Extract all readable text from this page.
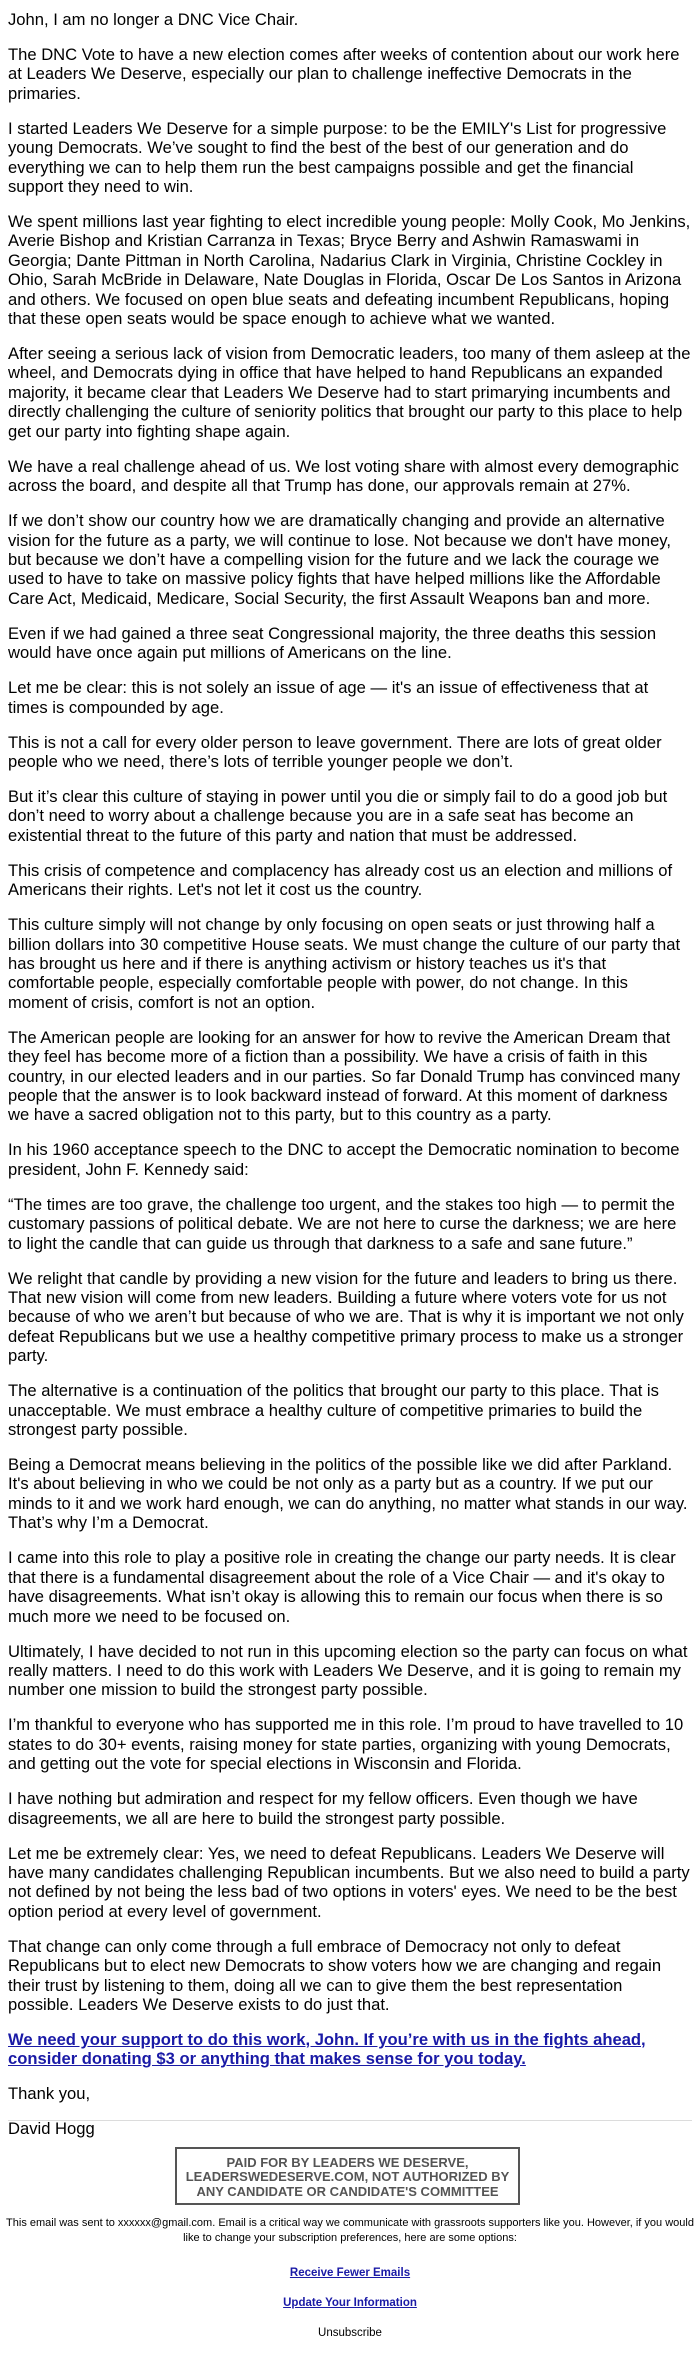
John, I am no longer a DNC Vice Chair.

The DNC Vote to have a new election comes after weeks of contention about our work here at Leaders We Deserve, especially our plan to challenge ineffective Democrats in the primaries.

I started Leaders We Deserve for a simple purpose: to be the EMILY's List for progressive young Democrats. We’ve sought to find the best of the best of our generation and do everything we can to help them run the best campaigns possible and get the financial support they need to win.

We spent millions last year fighting to elect incredible young people: Molly Cook, Mo Jenkins, Averie Bishop and Kristian Carranza in Texas; Bryce Berry and Ashwin Ramaswami in Georgia; Dante Pittman in North Carolina, Nadarius Clark in Virginia, Christine Cockley in Ohio, Sarah McBride in Delaware, Nate Douglas in Florida, Oscar De Los Santos in Arizona and others. We focused on open blue seats and defeating incumbent Republicans, hoping that these open seats would be space enough to achieve what we wanted.

After seeing a serious lack of vision from Democratic leaders, too many of them asleep at the wheel, and Democrats dying in office that have helped to hand Republicans an expanded majority, it became clear that Leaders We Deserve had to start primarying incumbents and directly challenging the culture of seniority politics that brought our party to this place to help get our party into fighting shape again.

We have a real challenge ahead of us. We lost voting share with almost every demographic across the board, and despite all that Trump has done, our approvals remain at 27%.

If we don’t show our country how we are dramatically changing and provide an alternative vision for the future as a party, we will continue to lose. Not because we don't have money, but because we don’t have a compelling vision for the future and we lack the courage we used to have to take on massive policy fights that have helped millions like the Affordable Care Act, Medicaid, Medicare, Social Security, the first Assault Weapons ban and more.

Even if we had gained a three seat Congressional majority, the three deaths this session would have once again put millions of Americans on the line.

Let me be clear: this is not solely an issue of age — it's an issue of effectiveness that at times is compounded by age.

This is not a call for every older person to leave government. There are lots of great older people who we need, there’s lots of terrible younger people we don’t.

But it’s clear this culture of staying in power until you die or simply fail to do a good job but don’t need to worry about a challenge because you are in a safe seat has become an existential threat to the future of this party and nation that must be addressed.

This crisis of competence and complacency has already cost us an election and millions of Americans their rights. Let's not let it cost us the country.

This culture simply will not change by only focusing on open seats or just throwing half a billion dollars into 30 competitive House seats. We must change the culture of our party that has brought us here and if there is anything activism or history teaches us it's that comfortable people, especially comfortable people with power, do not change. In this moment of crisis, comfort is not an option.

The American people are looking for an answer for how to revive the American Dream that they feel has become more of a fiction than a possibility. We have a crisis of faith in this country, in our elected leaders and in our parties. So far Donald Trump has convinced many people that the answer is to look backward instead of forward. At this moment of darkness we have a sacred obligation not to this party, but to this country as a party.

In his 1960 acceptance speech to the DNC to accept the Democratic nomination to become president, John F. Kennedy said:

“The times are too grave, the challenge too urgent, and the stakes too high — to permit the customary passions of political debate. We are not here to curse the darkness; we are here to light the candle that can guide us through that darkness to a safe and sane future.”

We relight that candle by providing a new vision for the future and leaders to bring us there. That new vision will come from new leaders. Building a future where voters vote for us not because of who we aren’t but because of who we are. That is why it is important we not only defeat Republicans but we use a healthy competitive primary process to make us a stronger party.

The alternative is a continuation of the politics that brought our party to this place. That is unacceptable. We must embrace a healthy culture of competitive primaries to build the strongest party possible.

Being a Democrat means believing in the politics of the possible like we did after Parkland. It's about believing in who we could be not only as a party but as a country. If we put our minds to it and we work hard enough, we can do anything, no matter what stands in our way. That’s why I’m a Democrat.

I came into this role to play a positive role in creating the change our party needs. It is clear that there is a fundamental disagreement about the role of a Vice Chair — and it's okay to have disagreements. What isn’t okay is allowing this to remain our focus when there is so much more we need to be focused on.

Ultimately, I have decided to not run in this upcoming election so the party can focus on what really matters. I need to do this work with Leaders We Deserve, and it is going to remain my number one mission to build the strongest party possible.

I’m thankful to everyone who has supported me in this role. I’m proud to have travelled to 10 states to do 30+ events, raising money for state parties, organizing with young Democrats, and getting out the vote for special elections in Wisconsin and Florida.

I have nothing but admiration and respect for my fellow officers. Even though we have disagreements, we all are here to build the strongest party possible.

Let me be extremely clear: Yes, we need to defeat Republicans. Leaders We Deserve will have many candidates challenging Republican incumbents. But we also need to build a party not defined by not being the less bad of two options in voters' eyes. We need to be the best option period at every level of government.

That change can only come through a full embrace of Democracy not only to defeat Republicans but to elect new Democrats to show voters how we are changing and regain their trust by listening to them, doing all we can to give them the best representation possible. Leaders We Deserve exists to do just that.

We need your support to do this work, John. If you’re with us in the fights ahead, consider donating $3 or anything that makes sense for you today.

Thank you,

David Hogg

PAID FOR BY LEADERS WE DESERVE,
LEADERSWEDESERVE.COM, NOT AUTHORIZED BY
ANY CANDIDATE OR CANDIDATE'S COMMITTEE
This email was sent to xxxxxx@gmail.com. Email is a critical way we communicate with grassroots supporters like you. However, if you would like to change your subscription preferences, here are some options:
Receive Fewer Emails
Update Your Information
Unsubscribe
